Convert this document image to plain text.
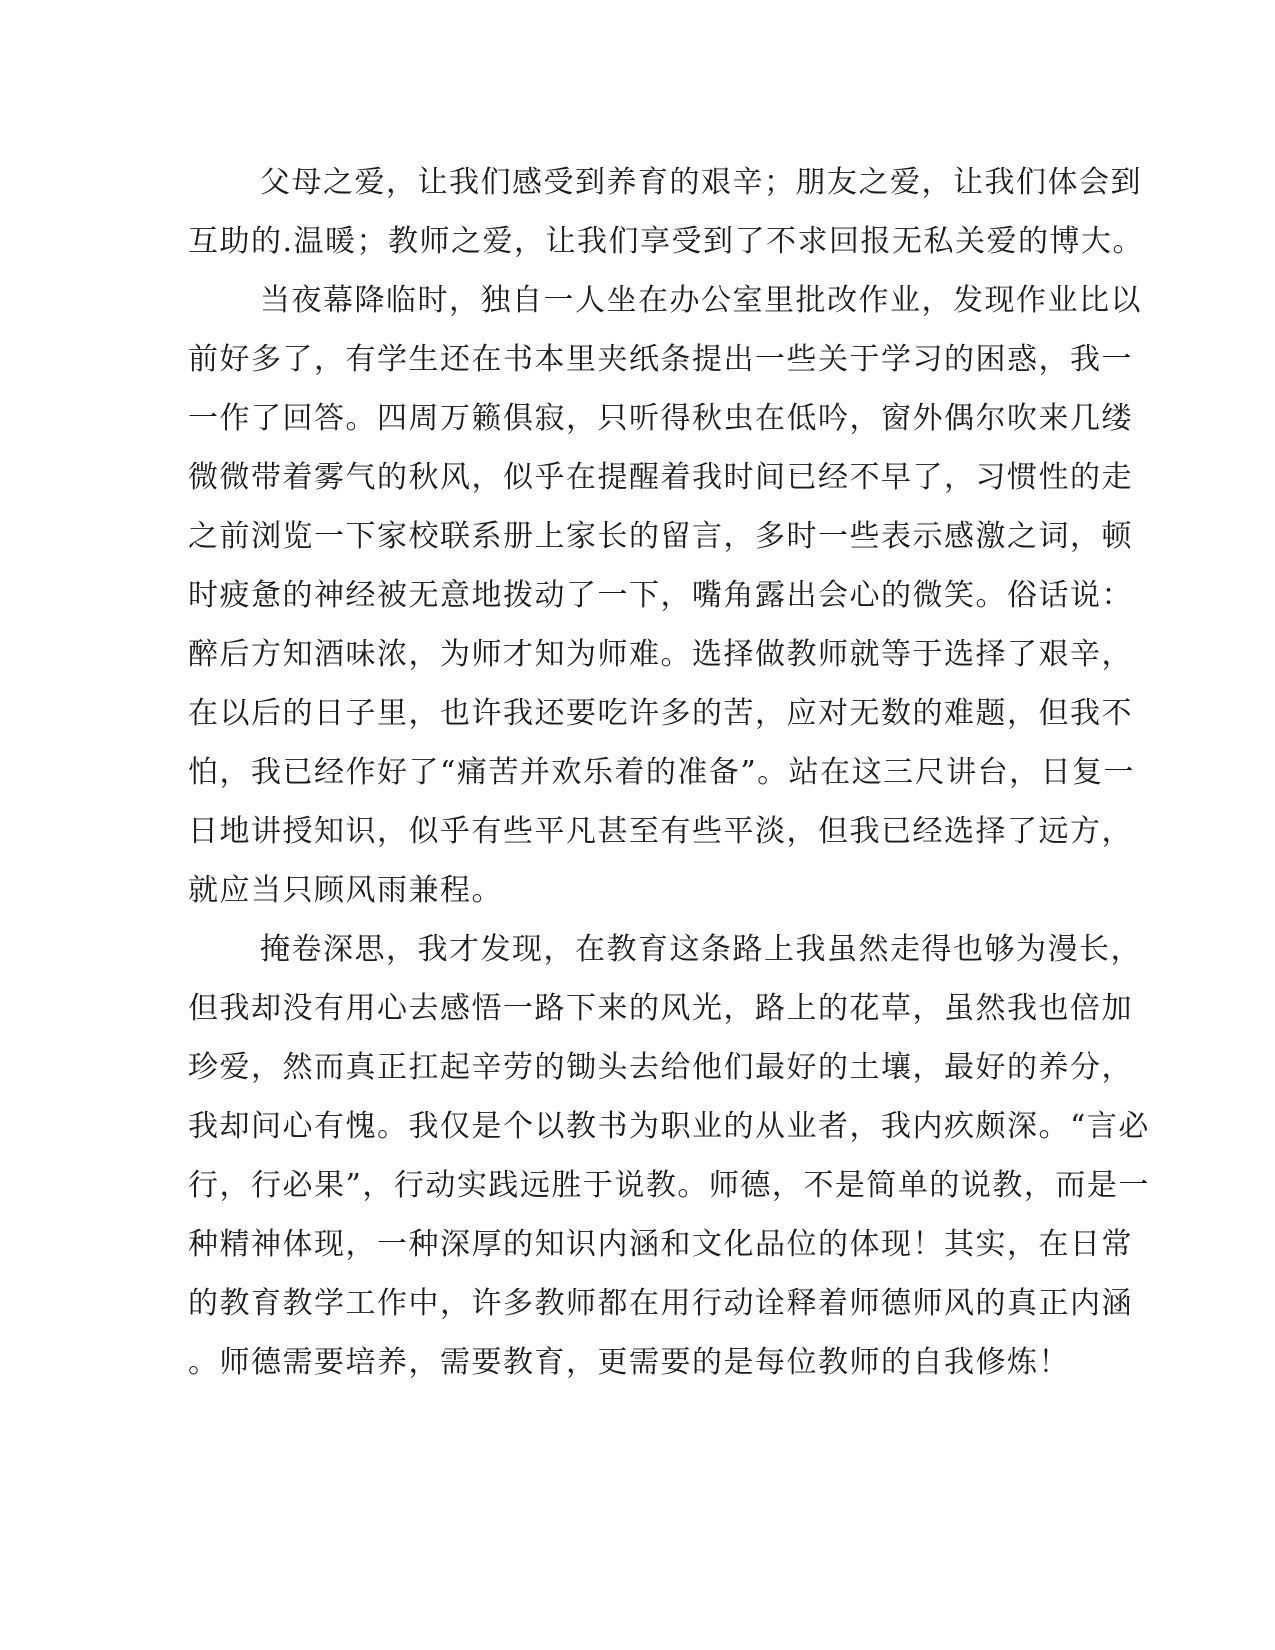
父母之爱，让我们感受到养育的艰辛；朋友之爱，让我们体会到

互助的.温暖；教师之爱，让我们享受到了不求回报无私关爱的博大。

当夜幕降临时，独自一人坐在办公室里批改作业，发现作业比以

前好多了，有学生还在书本里夹纸条提出一些关于学习的困惑，我一

一作了回答。四周万籁俱寂，只听得秋虫在低吟，窗外偶尔吹来几缕

微微带着雾气的秋风，似乎在提醒着我时间已经不早了，习惯性的走

之前浏览一下家校联系册上家长的留言，多时一些表示感激之词，顿

时疲惫的神经被无意地拨动了一下，嘴角露出会心的微笑。俗话说：

醉后方知酒味浓，为师才知为师难。选择做教师就等于选择了艰辛，

在以后的日子里，也许我还要吃许多的苦，应对无数的难题，但我不

怕，我已经作好了“痛苦并欢乐着的准备”。站在这三尺讲台，日复一

日地讲授知识，似乎有些平凡甚至有些平淡，但我已经选择了远方，

就应当只顾风雨兼程。

掩卷深思，我才发现，在教育这条路上我虽然走得也够为漫长，

但我却没有用心去感悟一路下来的风光，路上的花草，虽然我也倍加

珍爱，然而真正扛起辛劳的锄头去给他们最好的土壤，最好的养分，

我却问心有愧。我仅是个以教书为职业的从业者，我内疚颇深。“言必

行，行必果”，行动实践远胜于说教。师德，不是简单的说教，而是一

种精神体现，一种深厚的知识内涵和文化品位的体现！其实，在日常

的教育教学工作中，许多教师都在用行动诠释着师德师风的真正内涵

。师德需要培养，需要教育，更需要的是每位教师的自我修炼！
